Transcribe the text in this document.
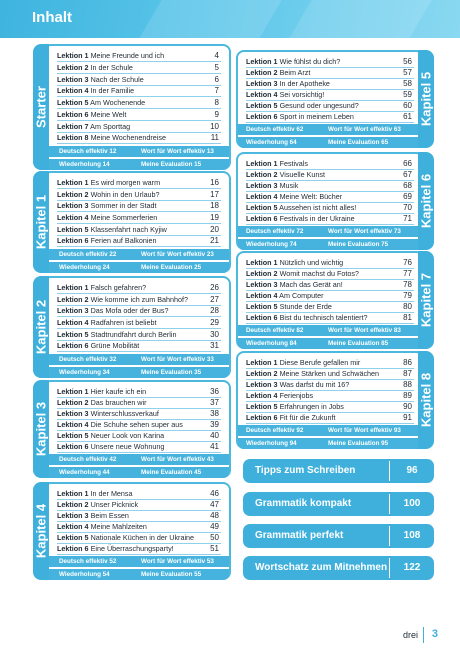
Inhalt
Lektion 1 Meine Freunde und ich	4
Lektion 2 In der Schule	5
Lektion 3 Nach der Schule	6
Lektion 4 In der Familie	7
Lektion 5 Am Wochenende	8
Lektion 6 Meine Welt	9
Lektion 7 Am Sporttag	10
Lektion 8 Meine Wochenendreise	11
Deutsch effektiv 12	Wort für Wort effektiv 13
Wiederholung 14	Meine Evaluation 15
Starter
Lektion 1 Es wird morgen warm	16
Lektion 2 Wohin in den Urlaub?	17
Lektion 3 Sommer in der Stadt	18
Lektion 4 Meine Sommerferien	19
Lektion 5 Klassenfahrt nach Kyjiw	20
Lektion 6 Ferien auf Balkonien	21
Deutsch effektiv 22	Wort für Wort effektiv 23
Wiederholung 24	Meine Evaluation 25
Kapitel 1
Lektion 1 Falsch gefahren?	26
Lektion 2 Wie komme ich zum Bahnhof?	27
Lektion 3 Das Mofa oder der Bus?	28
Lektion 4 Radfahren ist beliebt	29
Lektion 5 Stadtrundfahrt durch Berlin	30
Lektion 6 Grüne Mobilität	31
Deutsch effektiv 32	Wort für Wort effektiv 33
Wiederholung 34	Meine Evaluation 35
Kapitel 2
Lektion 1 Hier kaufe ich ein	36
Lektion 2 Das brauchen wir	37
Lektion 3 Winterschlussverkauf	38
Lektion 4 Die Schuhe sehen super aus	39
Lektion 5 Neuer Look von Karina	40
Lektion 6 Unsere neue Wohnung	41
Deutsch effektiv 42	Wort für Wort effektiv 43
Wiederholung 44	Meine Evaluation 45
Kapitel 3
Lektion 1 In der Mensa	46
Lektion 2 Unser Picknick	47
Lektion 3 Beim Essen	48
Lektion 4 Meine Mahlzeiten	49
Lektion 5 Nationale Küchen in der Ukraine 50
Lektion 6 Eine Überraschungsparty!	51
Deutsch effektiv 52	Wort für Wort effektiv 53
Wiederholung 54	Meine Evaluation 55
Kapitel 4
Lektion 1 Wie fühlst du dich?	56
Lektion 2 Beim Arzt	57
Lektion 3 In der Apotheke	58
Lektion 4 Sei vorsichtig!	59
Lektion 5 Gesund oder ungesund?	60
Lektion 6 Sport in meinem Leben	61
Deutsch effektiv 62	Wort für Wort effektiv 63
Wiederholung 64	Meine Evaluation 65
Kapitel 5
Lektion 1 Festivals	66
Lektion 2 Visuelle Kunst	67
Lektion 3 Musik	68
Lektion 4 Meine Welt: Bücher	69
Lektion 5 Aussehen ist nicht alles!	70
Lektion 6 Festivals in der Ukraine	71
Deutsch effektiv 72	Wort für Wort effektiv 73
Wiederholung 74	Meine Evaluation 75
Kapitel 6
Lektion 1 Nützlich und wichtig	76
Lektion 2 Womit machst du Fotos?	77
Lektion 3 Mach das Gerät an!	78
Lektion 4 Am Computer	79
Lektion 5 Stunde der Erde	80
Lektion 6 Bist du technisch talentiert?	81
Deutsch effektiv 82	Wort für Wort effektiv 83
Wiederholung 84	Meine Evaluation 85
Kapitel 7
Lektion 1 Diese Berufe gefallen mir	86
Lektion 2 Meine Stärken und Schwächen	87
Lektion 3 Was darfst du mit 16?	88
Lektion 4 Ferienjobs	89
Lektion 5 Erfahrungen in Jobs	90
Lektion 6 Fit für die Zukunft	91
Deutsch effektiv 92	Wort für Wort effektiv 93
Wiederholung 94	Meine Evaluation 95
Kapitel 8
Tipps zum Schreiben	96
Grammatik kompakt	100
Grammatik perfekt	108
Wortschatz zum Mitnehmen	122
drei 3
